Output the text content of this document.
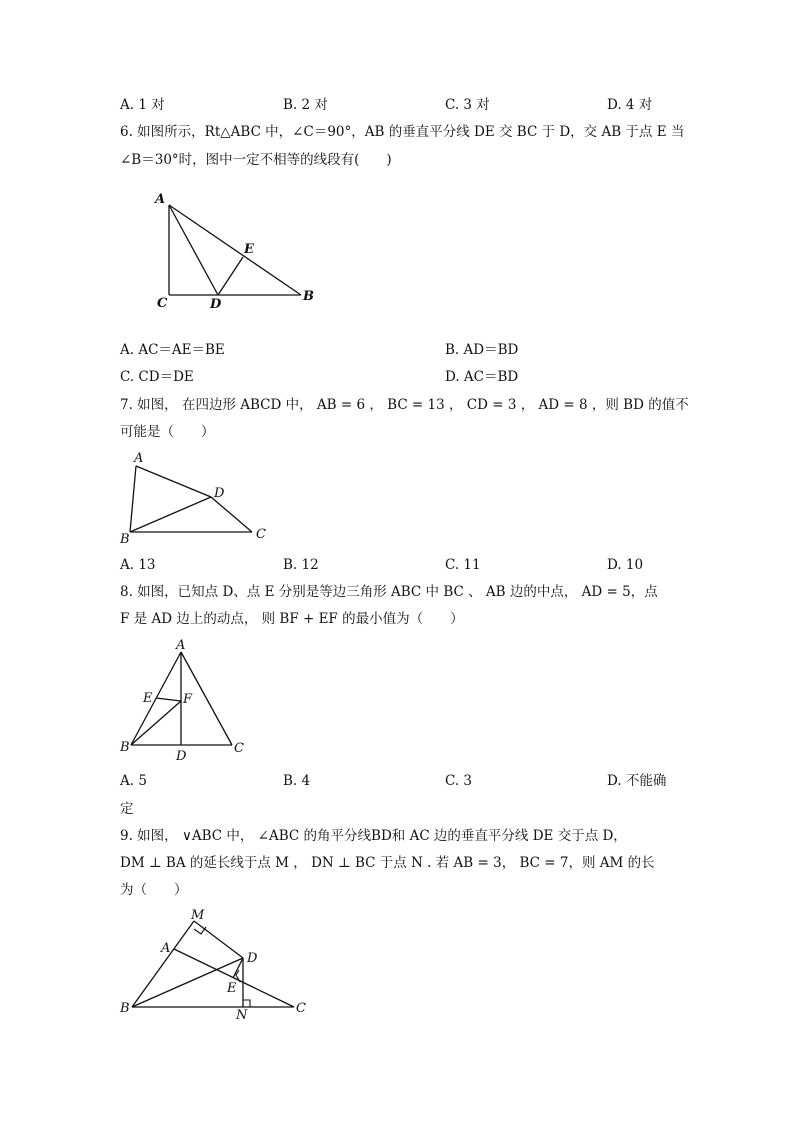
A. 1 对	B. 2 对	C. 3 对	D. 4 对
6. 如图所示，Rt△ABC 中，∠C＝90°，AB 的垂直平分线 DE 交 BC 于 D，交 AB 于点 E 当
∠B＝30°时，图中一定不相等的线段有(　　)
A
C	D
E
B
A. AC＝AE＝BE	B. AD＝BD
C. CD＝DE	D. AC＝BD
7. 如图， 在四边形 ABCD 中， AB = 6 ， BC = 13 ， CD = 3 ， AD = 8 ，则 BD 的值不
可能是（　　）
A
D
B	C
A. 13	B. 12	C. 11	D. 10
8. 如图，已知点 D、点 E 分别是等边三角形 ABC 中 BC 、 AB 边的中点， AD = 5，点
F 是 AD 边上的动点， 则 BF + EF 的最小值为（　　）
A
E F
B
D
C
A. 5	B. 4	C. 3	D. 不能确
定
9. 如图， ∨ABC 中， ∠ABC 的角平分线BD和 AC 边的垂直平分线 DE 交于点 D，
DM ⊥ BA 的延长线于点 M ， DN ⊥ BC 于点 N . 若 AB = 3， BC = 7，则 AM 的长
为（　　）
M
A
D
E
B	N	C
